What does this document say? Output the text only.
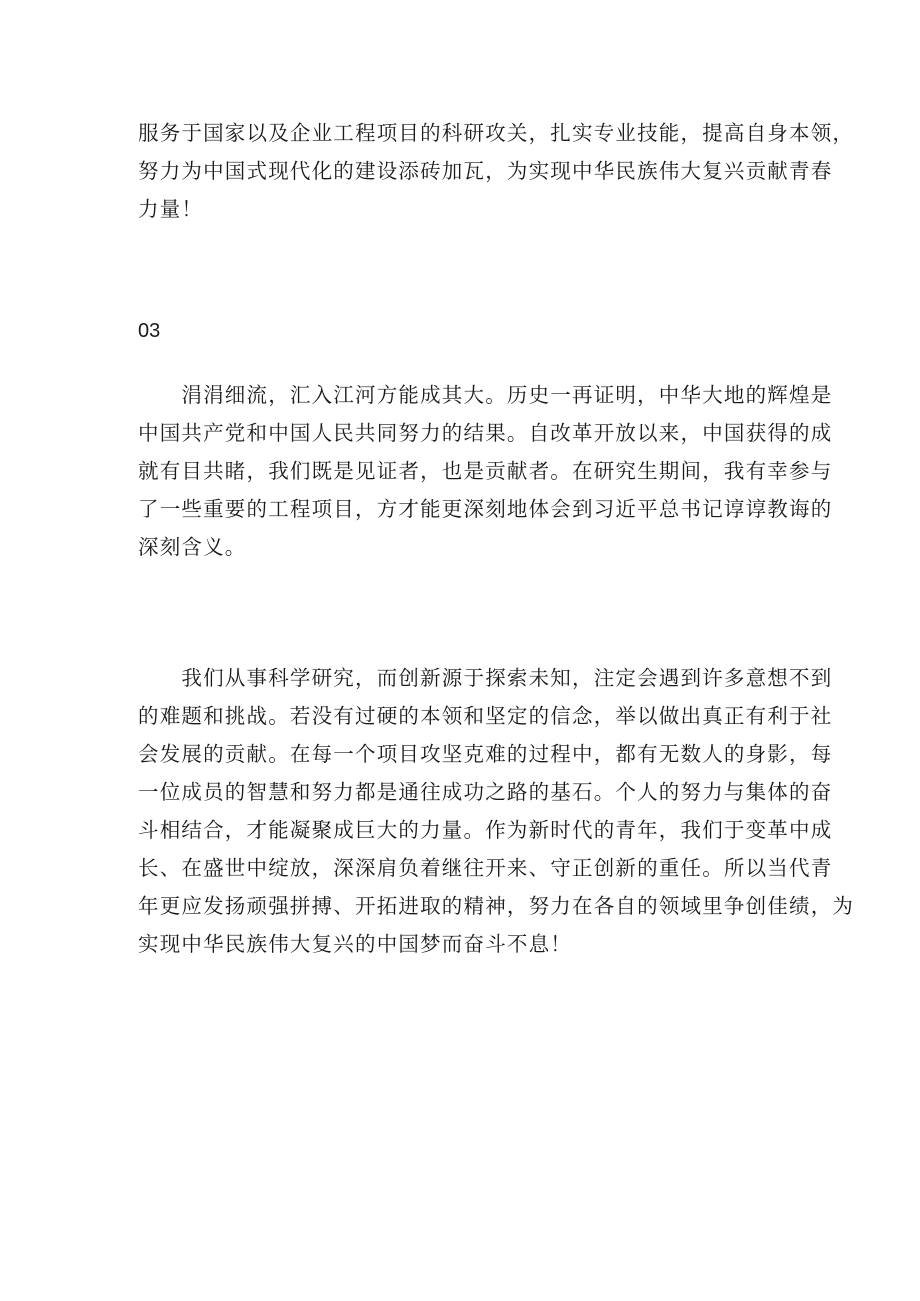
服务于国家以及企业工程项目的科研攻关，扎实专业技能，提高自身本领，
努力为中国式现代化的建设添砖加瓦，为实现中华民族伟大复兴贡献青春
力量！

03

　　涓涓细流，汇入江河方能成其大。历史一再证明，中华大地的辉煌是
中国共产党和中国人民共同努力的结果。自改革开放以来，中国获得的成
就有目共睹，我们既是见证者，也是贡献者。在研究生期间，我有幸参与
了一些重要的工程项目，方才能更深刻地体会到习近平总书记谆谆教诲的
深刻含义。

　　我们从事科学研究，而创新源于探索未知，注定会遇到许多意想不到
的难题和挑战。若没有过硬的本领和坚定的信念，举以做出真正有利于社
会发展的贡献。在每一个项目攻坚克难的过程中，都有无数人的身影，每
一位成员的智慧和努力都是通往成功之路的基石。个人的努力与集体的奋
斗相结合，才能凝聚成巨大的力量。作为新时代的青年，我们于变革中成
长、在盛世中绽放，深深肩负着继往开来、守正创新的重任。所以当代青
年更应发扬顽强拼搏、开拓进取的精神，努力在各自的领域里争创佳绩，为
实现中华民族伟大复兴的中国梦而奋斗不息！
